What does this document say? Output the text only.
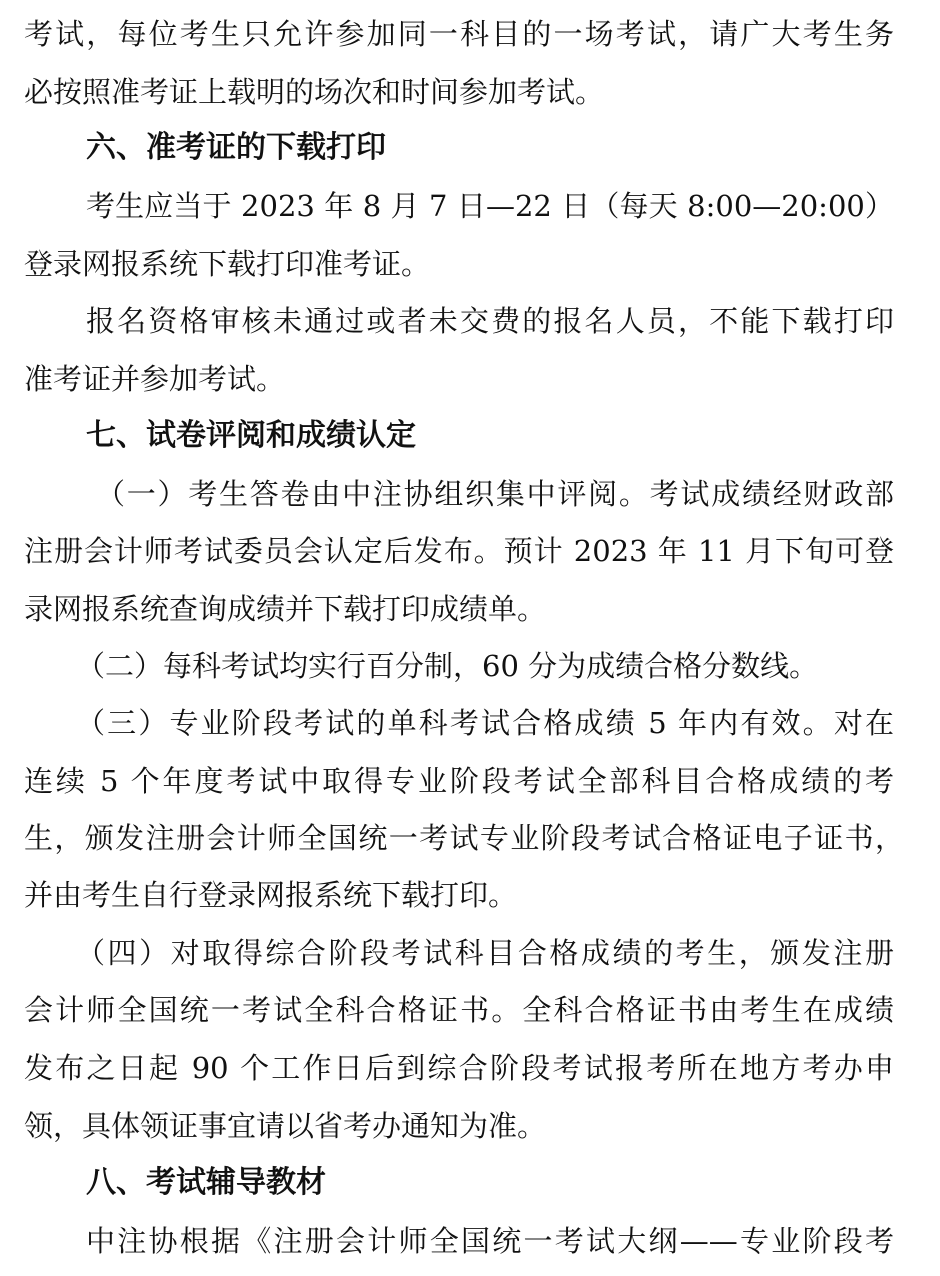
考试，每位考生只允许参加同一科目的一场考试，请广大考生务
必按照准考证上载明的场次和时间参加考试。
六、准考证的下载打印
考生应当于 2023 年 8 月 7 日—22 日（每天 8:00—20:00）
登录网报系统下载打印准考证。
报名资格审核未通过或者未交费的报名人员，不能下载打印
准考证并参加考试。
七、试卷评阅和成绩认定
（一）考生答卷由中注协组织集中评阅。考试成绩经财政部
注册会计师考试委员会认定后发布。预计 2023 年 11 月下旬可登
录网报系统查询成绩并下载打印成绩单。
（二）每科考试均实行百分制，60 分为成绩合格分数线。
（三）专业阶段考试的单科考试合格成绩 5 年内有效。对在
连续 5 个年度考试中取得专业阶段考试全部科目合格成绩的考
生，颁发注册会计师全国统一考试专业阶段考试合格证电子证书，
并由考生自行登录网报系统下载打印。
（四）对取得综合阶段考试科目合格成绩的考生，颁发注册
会计师全国统一考试全科合格证书。全科合格证书由考生在成绩
发布之日起 90 个工作日后到综合阶段考试报考所在地方考办申
领，具体领证事宜请以省考办通知为准。
八、考试辅导教材
中注协根据《注册会计师全国统一考试大纲——专业阶段考
